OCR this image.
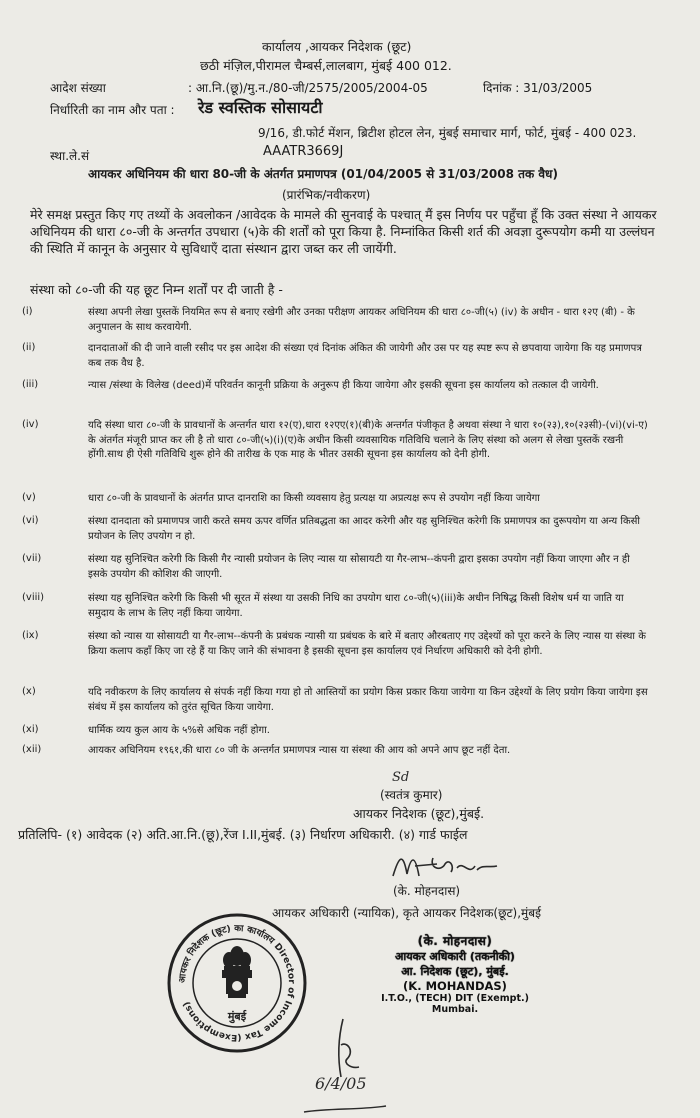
कार्यालय ,आयकर निदेशक (छूट)
छठी मंज़िल,पीरामल चैम्बर्स,लालबाग, मुंबई 400 012.
आदेश संख्या	: आ.नि.(छू)/मु.न./80-जी/2575/2005/2004-05	दिनांक : 31/03/2005
निर्धारिती का नाम और पता : रेड स्वस्तिक सोसायटी
9/16, डी.फोर्ट मेंशन, ब्रिटीश होटल लेन, मुंबई समाचार मार्ग, फोर्ट, मुंबई - 400 023.
स्था.ले.सं	AAATR3669J
आयकर अधिनियम की धारा 80-जी के अंतर्गत प्रमाणपत्र (01/04/2005 से 31/03/2008 तक वैध)
(प्रारंभिक/नवीकरण)
मेरे समक्ष प्रस्तुत किए गए तथ्यों के अवलोकन /आवेदक के मामले की सुनवाई के पश्चात् मैं इस निर्णय पर पहुँचा हूँ कि उक्त संस्था ने आयकर अधिनियम की धारा ८०-जी के अन्तर्गत उपधारा (५)के की शर्तों को पूरा किया है. निम्नांकित किसी शर्त की अवज्ञा दुरूपयोग कमी या उल्लंघन की स्थिति में कानून के अनुसार ये सुविधाएँ दाता संस्थान द्वारा जब्त कर ली जायेंगी.
संस्था को ८०-जी की यह छूट निम्न शर्तों पर दी जाती है -
(i)	संस्था अपनी लेखा पुस्तकें नियमित रूप से बनाए रखेगी और उनका परीक्षण आयकर अधिनियम की धारा ८०-जी(५) (iv) के अधीन - धारा १२ए (बी) - के अनुपालन के साथ करवायेगी.
(ii)	दानदाताओं की दी जाने वाली रसीद पर इस आदेश की संख्या एवं दिनांक अंकित की जायेगी और उस पर यह स्पष्ट रूप से छपवाया जायेगा कि यह प्रमाणपत्र कब तक वैध है.
(iii)	न्यास /संस्था के विलेख (deed)में परिवर्तन कानूनी प्रक्रिया के अनुरूप ही किया जायेगा और इसकी सूचना इस कार्यालय को तत्काल दी जायेगी.
(iv)	यदि संस्था धारा ८०-जी के प्रावधानों के अन्तर्गत धारा १२(ए),धारा १२एए(१)(बी)के अन्तर्गत पंजीकृत है अथवा संस्था ने धारा १०(२३),१०(२३सी)-(vi)(vi-ए) के अंतर्गत मंजूरी प्राप्त कर ली है तो धारा ८०-जी(५)(i)(ए)के अधीन किसी व्यवसायिक गतिविधि चलाने के लिए संस्था को अलग से लेखा पुस्तकें रखनी होंगी.साथ ही ऐसी गतिविधि शुरू होने की तारीख के एक माह के भीतर उसकी सूचना इस कार्यालय को देनी होगी.
(v)	धारा ८०-जी के प्रावधानों के अंतर्गत प्राप्त दानराशि का किसी व्यवसाय हेतु प्रत्यक्ष या अप्रत्यक्ष रूप से उपयोग नहीं किया जायेगा
(vi)	संस्था दानदाता को प्रमाणपत्र जारी करते समय ऊपर वर्णित प्रतिबद्धता का आदर करेगी और यह सुनिश्चित करेगी कि प्रमाणपत्र का दुरूपयोग या अन्य किसी प्रयोजन के लिए उपयोग न हो.
(vii)	संस्था यह सुनिश्चित करेगी कि किसी गैर न्यासी प्रयोजन के लिए न्यास या सोसायटी या गैर-लाभ--कंपनी द्वारा इसका उपयोग नहीं किया जाएगा और न ही इसके उपयोग की कोशिश की जाएगी.
(viii)	संस्था यह सुनिश्चित करेगी कि किसी भी सूरत में संस्था या उसकी निधि का उपयोग धारा ८०-जी(५)(iii)के अधीन निषिद्ध किसी विशेष धर्म या जाति या समुदाय के लाभ के लिए नहीं किया जायेगा.
(ix)	संस्था को न्यास या सोसायटी या गैर-लाभ--कंपनी के प्रबंधक न्यासी या प्रबंधक के बारे में बताए औरबताए गए उद्देश्यों को पूरा करने के लिए न्यास या संस्था के क्रिया कलाप कहाँ किए जा रहे हैं या किए जाने की संभावना है इसकी सूचना इस कार्यालय एवं निर्धारण अधिकारी को देनी होगी.
(x)	यदि नवीकरण के लिए कार्यालय से संपर्क नहीं किया गया हो तो आस्तियों का प्रयोग किस प्रकार किया जायेगा या किन उद्देश्यों के लिए प्रयोग किया जायेगा इस संबंध में इस कार्यालय को तुरंत सूचित किया जायेगा.
(xi)	धार्मिक व्यय कुल आय के ५%से अधिक नहीं होगा.
(xii)	आयकर अधिनियम १९६१,की धारा ८० जी के अन्तर्गत प्रमाणपत्र न्यास या संस्था की आय को अपने आप छूट नहीं देता.
Sd
(स्वतंत्र कुमार)
आयकर निदेशक (छूट),मुंबई.
प्रतिलिपि- (१) आवेदक (२) अति.आ.नि.(छू),रेंज I.II,मुंबई. (३) निर्धारण अधिकारी. (४) गार्ड फाईल
(के. मोहनदास)
आयकर अधिकारी (न्यायिक), कृते आयकर निदेशक(छूट),मुंबई
आयकर निदेशक (छूट) का कार्यालय Director of Income Tax (Exemptions)
मुंबई
(के. मोहनदास)
आयकर अधिकारी (तकनीकी)
आ. निदेशक (छूट), मुंबई.
(K. MOHANDAS)
I.T.O., (TECH) DIT (Exempt.) Mumbai.
6/4/05
